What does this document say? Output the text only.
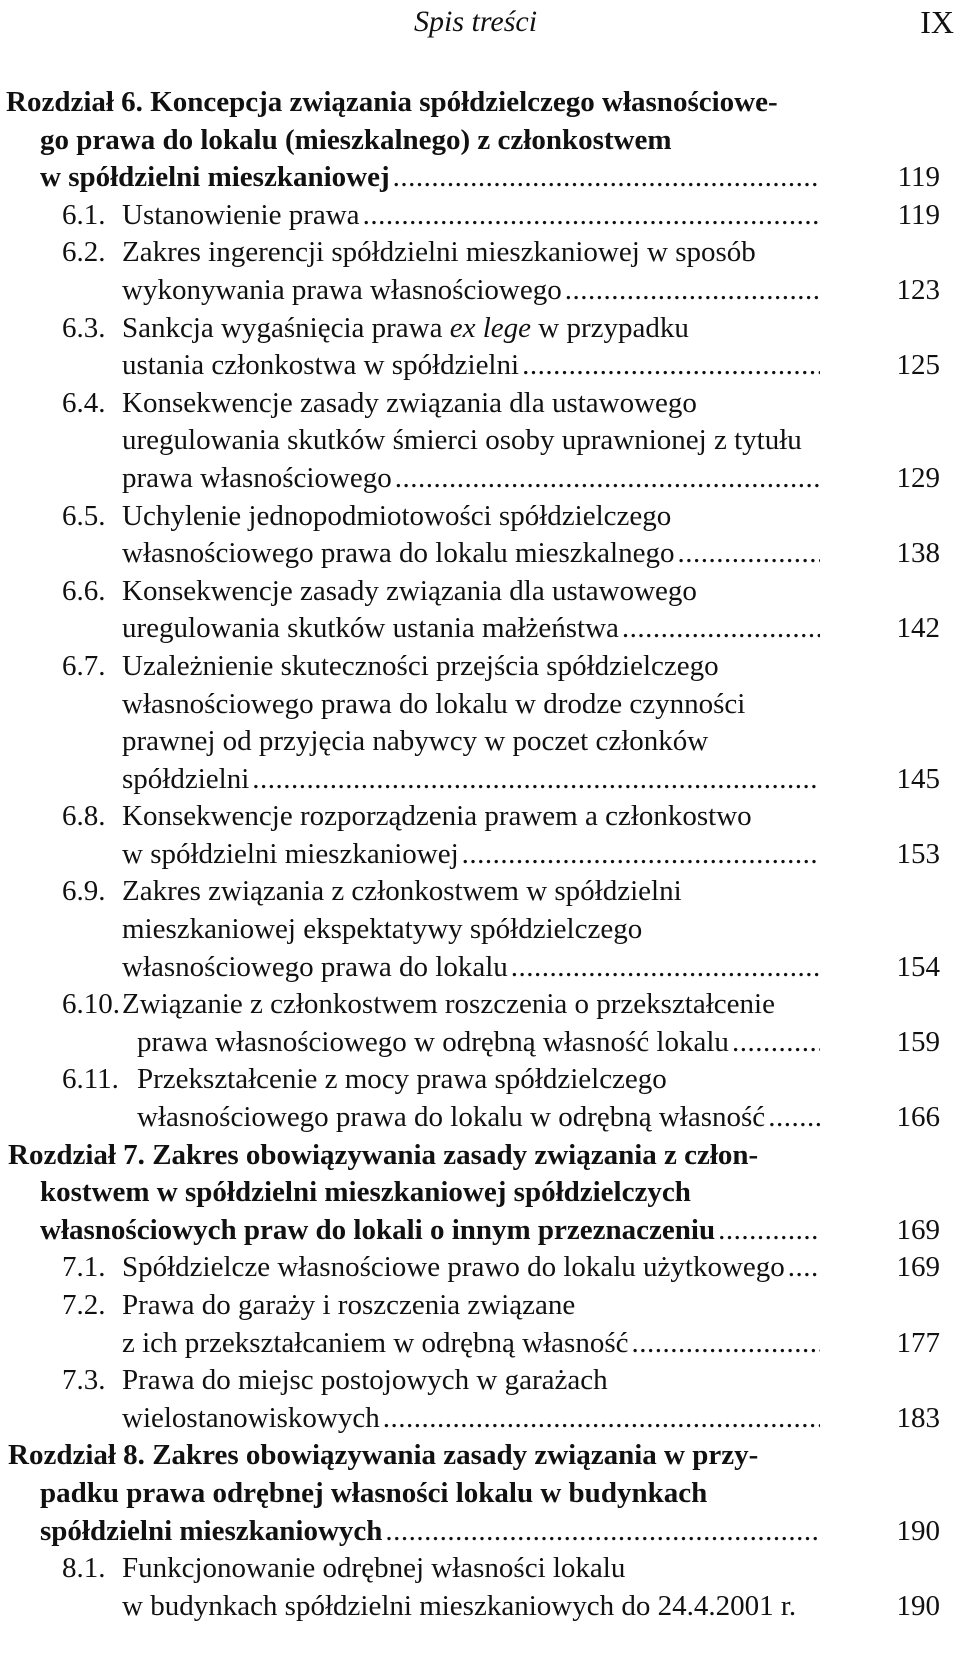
Spis treści	IX
Rozdział 6. Koncepcja związania spółdzielczego własnościowe-
go prawa do lokalu (mieszkalnego) z członkostwem
w spółdzielni mieszkaniowej .....	119
6.1. Ustanowienie prawa .....	119
6.2. Zakres ingerencji spółdzielni mieszkaniowej w sposób
wykonywania prawa własnościowego .....	123
6.3. Sankcja wygaśnięcia prawa ex lege w przypadku
ustania członkostwa w spółdzielni .....	125
6.4. Konsekwencje zasady związania dla ustawowego
uregulowania skutków śmierci osoby uprawnionej z tytułu
prawa własnościowego .....	129
6.5. Uchylenie jednopodmiotowości spółdzielczego
własnościowego prawa do lokalu mieszkalnego .....	138
6.6. Konsekwencje zasady związania dla ustawowego
uregulowania skutków ustania małżeństwa .....	142
6.7. Uzależnienie skuteczności przejścia spółdzielczego
własnościowego prawa do lokalu w drodze czynności
prawnej od przyjęcia nabywcy w poczet członków
spółdzielni .....	145
6.8. Konsekwencje rozporządzenia prawem a członkostwo
w spółdzielni mieszkaniowej .....	153
6.9. Zakres związania z członkostwem w spółdzielni
mieszkaniowej ekspektatywy spółdzielczego
własnościowego prawa do lokalu .....	154
6.10. Związanie z członkostwem roszczenia o przekształcenie
prawa własnościowego w odrębną własność lokalu .....	159
6.11. Przekształcenie z mocy prawa spółdzielczego
własnościowego prawa do lokalu w odrębną własność .....	166
Rozdział 7. Zakres obowiązywania zasady związania z człon-
kostwem w spółdzielni mieszkaniowej spółdzielczych
własnościowych praw do lokali o innym przeznaczeniu .....	169
7.1. Spółdzielcze własnościowe prawo do lokalu użytkowego .....	169
7.2. Prawa do garaży i roszczenia związane
z ich przekształcaniem w odrębną własność .....	177
7.3. Prawa do miejsc postojowych w garażach
wielostanowiskowych .....	183
Rozdział 8. Zakres obowiązywania zasady związania w przy-
padku prawa odrębnej własności lokalu w budynkach
spółdzielni mieszkaniowych .....	190
8.1. Funkcjonowanie odrębnej własności lokalu
w budynkach spółdzielni mieszkaniowych do 24.4.2001 r.	190
